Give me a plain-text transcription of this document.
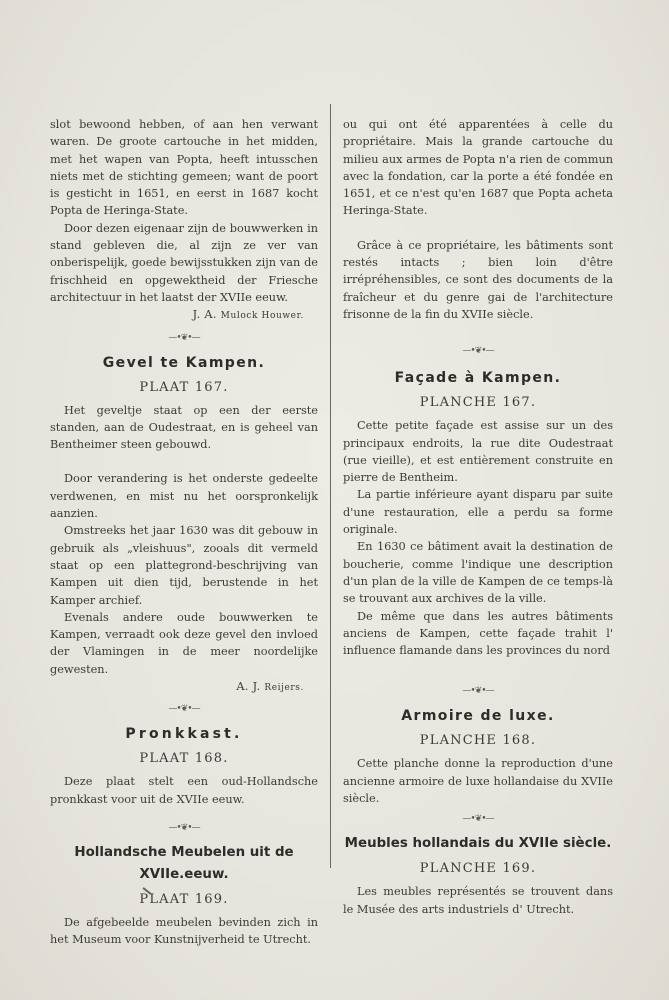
slot bewoond hebben, of aan hen verwant waren. De groote cartouche in het midden, met het wapen van Popta, heeft intusschen niets met de stichting gemeen; want de poort is gesticht in 1651, en eerst in 1687 kocht Popta de Heringa-State.

Door dezen eigenaar zijn de bouwwerken in stand gebleven die, al zijn ze ver van onberispelijk, goede bewijsstukken zijn van de frischheid en opgewektheid der Friesche architectuur in het laatst der XVIIe eeuw.

J. A. Mulock Houwer.
—•❦•—
Gevel te Kampen.
PLAAT 167.

Het geveltje staat op een der eerste standen, aan de Oudestraat, en is geheel van Bentheimer steen gebouwd.

Door verandering is het onderste gedeelte verdwenen, en mist nu het oorspronkelijk aanzien.

Omstreeks het jaar 1630 was dit gebouw in gebruik als „vleishuus", zooals dit vermeld staat op een plattegrond-beschrijving van Kampen uit dien tijd, berustende in het Kamper archief.

Evenals andere oude bouwwerken te Kampen, verraadt ook deze gevel den invloed der Vlamingen in de meer noordelijke gewesten.

A. J. Reijers.
—•❦•—
Pronkkast.
PLAAT 168.

Deze plaat stelt een oud-Hollandsche pronkkast voor uit de XVIIe eeuw.

—•❦•—
Hollandsche Meubelen uit de XVIIe.eeuw.
PLAAT 169.

De afgebeelde meubelen bevinden zich in het Museum voor Kunstnijverheid te Utrecht.

ou qui ont été apparentées à celle du propriétaire. Mais la grande cartouche du milieu aux armes de Popta n'a rien de commun avec la fondation, car la porte a été fondée en 1651, et ce n'est qu'en 1687 que Popta acheta Heringa-State.

Grâce à ce propriétaire, les bâtiments sont restés intacts ; bien loin d'être irrépréhensibles, ce sont des documents de la fraîcheur et du genre gai de l'architecture frisonne de la fin du XVIIe siècle.

—•❦•—
Façade à Kampen.
PLANCHE 167.

Cette petite façade est assise sur un des principaux endroits, la rue dite Oudestraat (rue vieille), et est entièrement construite en pierre de Bentheim.

La partie inférieure ayant disparu par suite d'une restauration, elle a perdu sa forme originale.

En 1630 ce bâtiment avait la destination de boucherie, comme l'indique une description d'un plan de la ville de Kampen de ce temps-là se trouvant aux archives de la ville.

De même que dans les autres bâtiments anciens de Kampen, cette façade trahit l' influence flamande dans les provinces du nord

—•❦•—
Armoire de luxe.
PLANCHE 168.

Cette planche donne la reproduction d'une ancienne armoire de luxe hollandaise du XVIIe siècle.

—•❦•—
Meubles hollandais du XVIIe siècle.
PLANCHE 169.

Les meubles représentés se trouvent dans le Musée des arts industriels d' Utrecht.
